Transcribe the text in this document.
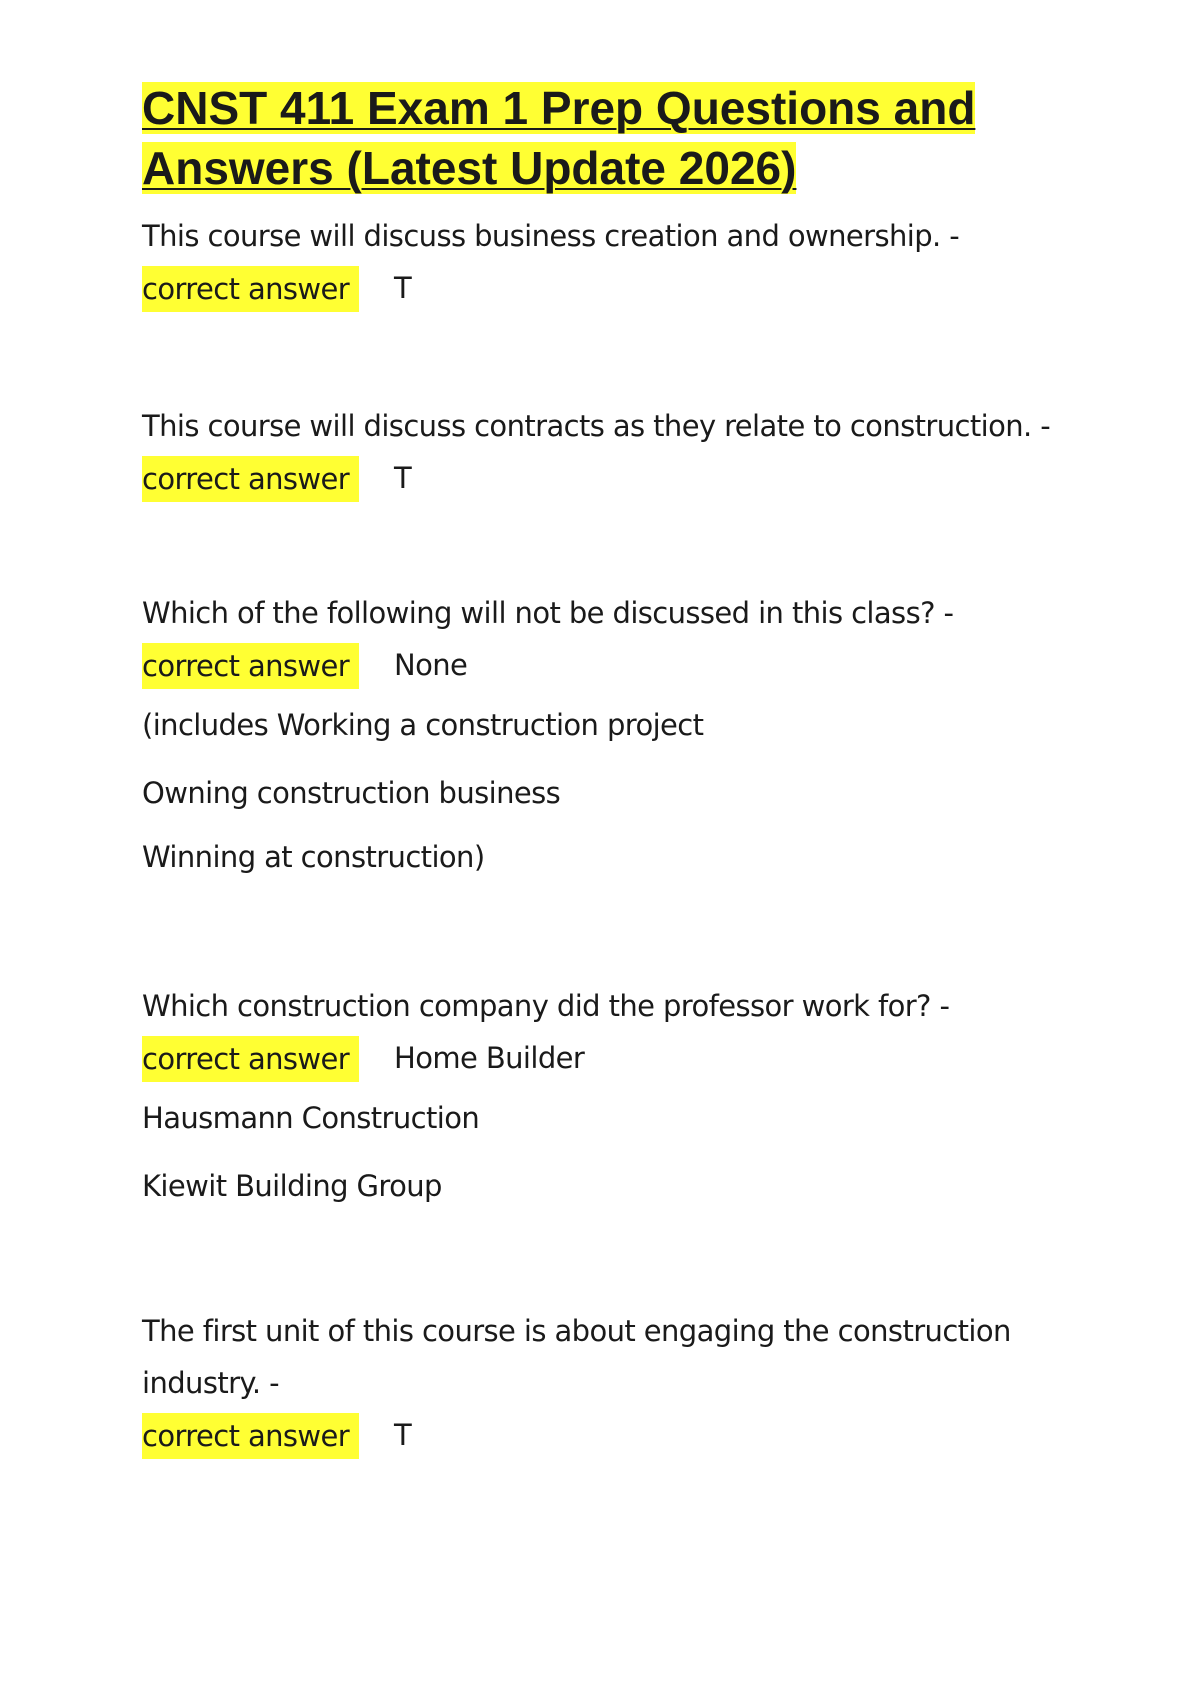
CNST 411 Exam 1 Prep Questions and
Answers (Latest Update 2026)
This course will discuss business creation and ownership. -
correct answer T
This course will discuss contracts as they relate to construction. -
correct answer T
Which of the following will not be discussed in this class? -
correct answer None
(includes Working a construction project
Owning construction business
Winning at construction)
Which construction company did the professor work for? -
correct answer Home Builder
Hausmann Construction
Kiewit Building Group
The first unit of this course is about engaging the construction
industry. -
correct answer T
